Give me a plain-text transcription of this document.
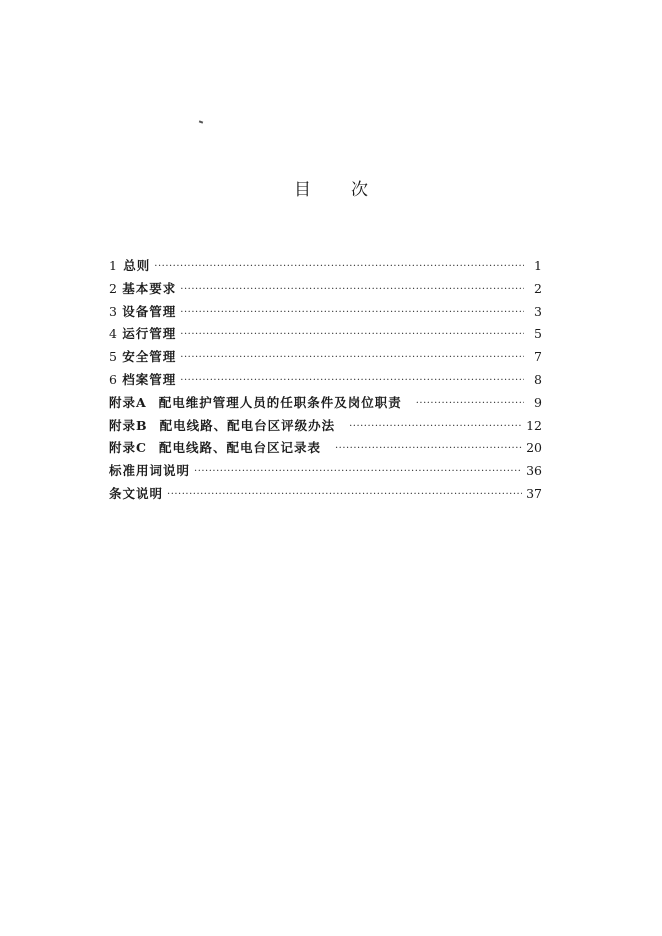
目 次
1 总则 ·····	1
2 基本要求 ·····	2
3 设备管理 ·····	3
4 运行管理 ·····	5
5 安全管理 ·····	7
6 档案管理 ·····	8
附录A 配电维护管理人员的任职条件及岗位职责 ·····	9
附录B 配电线路、配电台区评级办法 ·····	12
附录C 配电线路、配电台区记录表 ·····	20
标准用词说明 ·····	36
条文说明 ·····	37
